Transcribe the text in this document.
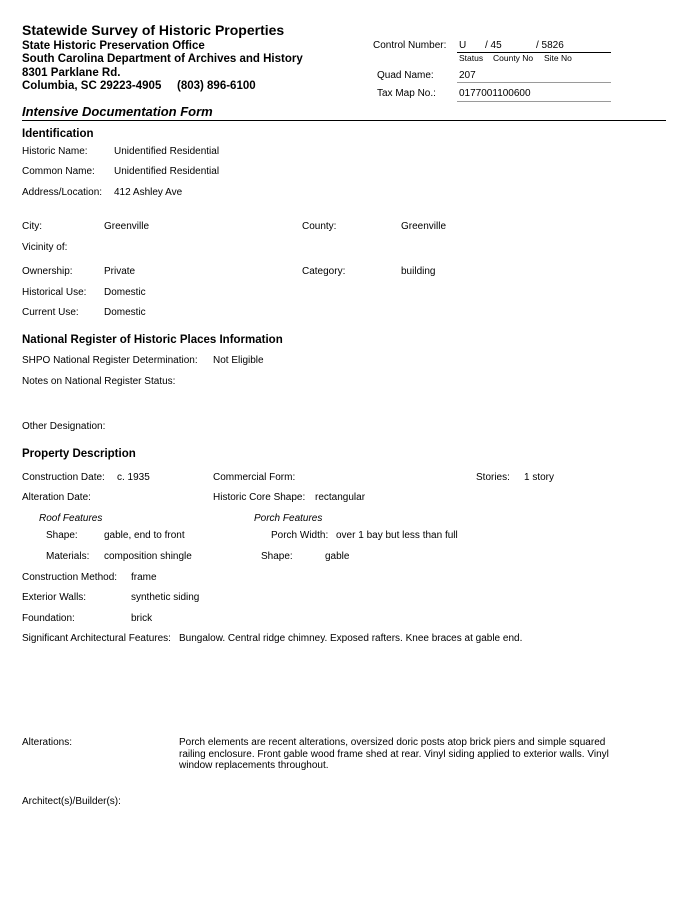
Statewide Survey of Historic Properties
State Historic Preservation Office
South Carolina Department of Archives and History
8301 Parklane Rd.
Columbia, SC 29223-4905 (803) 896-6100
Control Number: U / 45	/ 5826
Status County No Site No
Quad Name:	207
Tax Map No.: 0177001100600
Intensive Documentation Form
Identification
Historic Name:	Unidentified Residential
Common Name: Unidentified Residential
Address/Location: 412 Ashley Ave
City:	Greenville	County:	Greenville
Vicinity of:
Ownership:	Private	Category:	building
Historical Use: Domestic
Current Use:	Domestic
National Register of Historic Places Information
SHPO National Register Determination: Not Eligible
Notes on National Register Status:
Other Designation:
Property Description
Construction Date: c. 1935	Commercial Form:	Stories: 1 story
Alteration Date:	Historic Core Shape: rectangular
Roof Features	Porch Features
Shape:	gable, end to front	Porch Width: over 1 bay but less than full
Materials: composition shingle	Shape:	gable
Construction Method: frame
Exterior Walls:	synthetic siding
Foundation:	brick
Significant Architectural Features: Bungalow. Central ridge chimney. Exposed rafters. Knee braces at gable end.
Alterations:	Porch elements are recent alterations, oversized doric posts atop brick piers and simple squared railing enclosure. Front gable wood frame shed at rear. Vinyl siding applied to exterior walls. Vinyl window replacements throughout.
Architect(s)/Builder(s):
